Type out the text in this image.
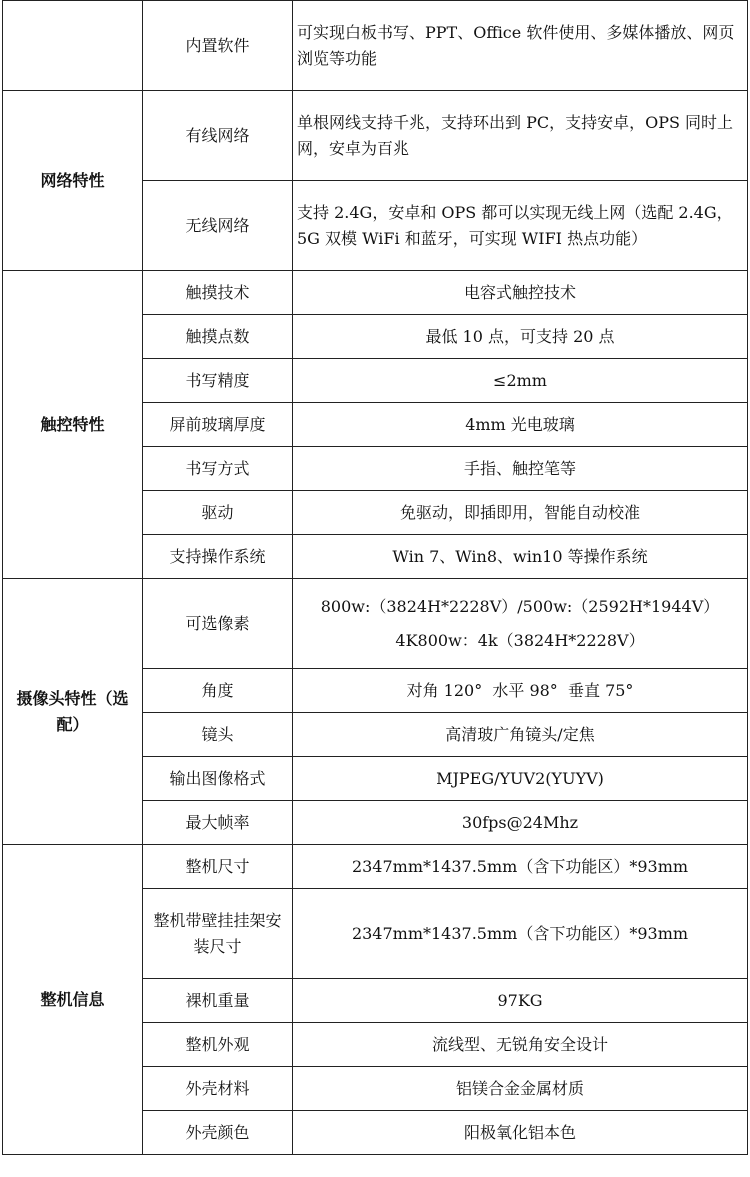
	内置软件	可实现白板书写、PPT、Office 软件使用、多媒体播放、网页浏览等功能
网络特性	有线网络	单根网线支持千兆，支持环出到 PC，支持安卓，OPS 同时上网，安卓为百兆
	无线网络	支持 2.4G，安卓和 OPS 都可以实现无线上网（选配 2.4G，5G 双模 WiFi 和蓝牙，可实现 WIFI 热点功能）
触控特性	触摸技术	电容式触控技术
	触摸点数	最低 10 点，可支持 20 点
	书写精度	≤2mm
	屏前玻璃厚度	4mm 光电玻璃
	书写方式	手指、触控笔等
	驱动	免驱动，即插即用，智能自动校准
	支持操作系统	Win 7、Win8、win10 等操作系统
摄像头特性（选配）	可选像素	800w:（3824H*2228V）/500w:（2592H*1944V）
4K800w：4k（3824H*2228V）

	角度	对角 120°  水平 98°  垂直 75°
	镜头	高清玻广角镜头/定焦
	输出图像格式	MJPEG/YUV2(YUYV)
	最大帧率	30fps@24Mhz
整机信息	整机尺寸	2347mm*1437.5mm（含下功能区）*93mm
	整机带壁挂挂架安装尺寸	2347mm*1437.5mm（含下功能区）*93mm
	裸机重量	97KG
	整机外观	流线型、无锐角安全设计
	外壳材料	铝镁合金金属材质
	外壳颜色	阳极氧化铝本色
